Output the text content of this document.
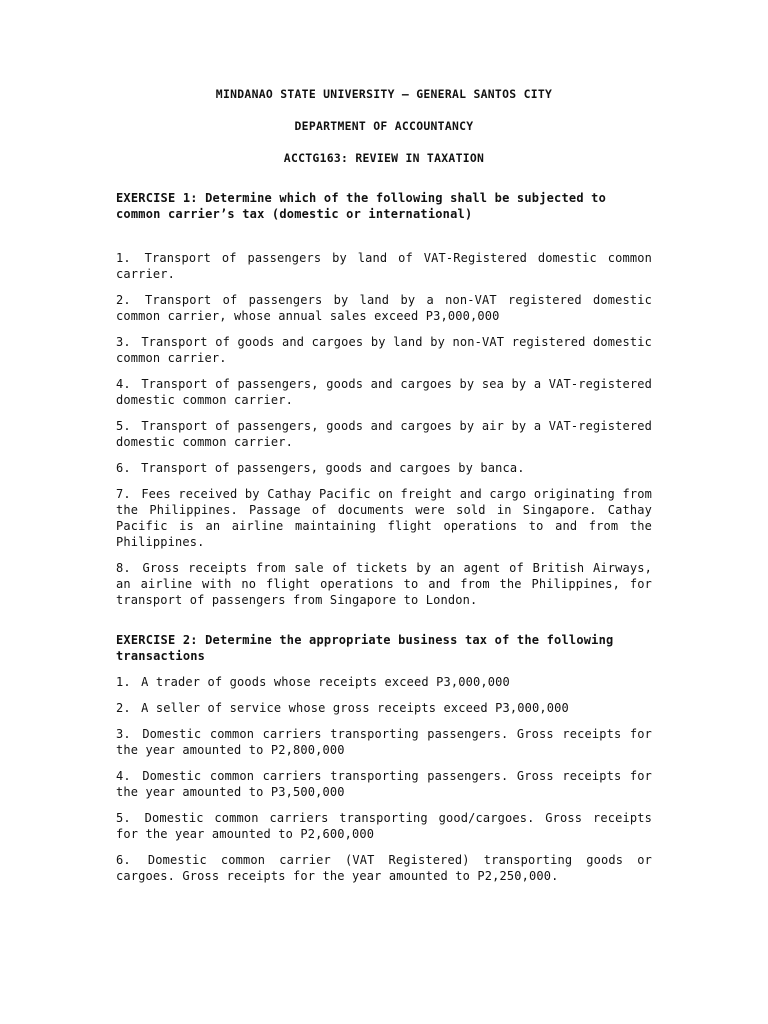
MINDANAO STATE UNIVERSITY – GENERAL SANTOS CITY
DEPARTMENT OF ACCOUNTANCY
ACCTG163: REVIEW IN TAXATION
EXERCISE 1: Determine which of the following shall be subjected to common carrier’s tax (domestic or international)
1. Transport of passengers by land of VAT-Registered domestic common carrier.
2. Transport of passengers by land by a non-VAT registered domestic common carrier, whose annual sales exceed P3,000,000
3. Transport of goods and cargoes by land by non-VAT registered domestic common carrier.
4. Transport of passengers, goods and cargoes by sea by a VAT-registered domestic common carrier.
5. Transport of passengers, goods and cargoes by air by a VAT-registered domestic common carrier.
6. Transport of passengers, goods and cargoes by banca.
7. Fees received by Cathay Pacific on freight and cargo originating from the Philippines. Passage of documents were sold in Singapore. Cathay Pacific is an airline maintaining flight operations to and from the Philippines.
8. Gross receipts from sale of tickets by an agent of British Airways, an airline with no flight operations to and from the Philippines, for transport of passengers from Singapore to London.
EXERCISE 2: Determine the appropriate business tax of the following transactions
1. A trader of goods whose receipts exceed P3,000,000
2. A seller of service whose gross receipts exceed P3,000,000
3. Domestic common carriers transporting passengers. Gross receipts for the year amounted to P2,800,000
4. Domestic common carriers transporting passengers. Gross receipts for the year amounted to P3,500,000
5. Domestic common carriers transporting good/cargoes. Gross receipts for the year amounted to P2,600,000
6. Domestic common carrier (VAT Registered) transporting goods or cargoes. Gross receipts for the year amounted to P2,250,000.
